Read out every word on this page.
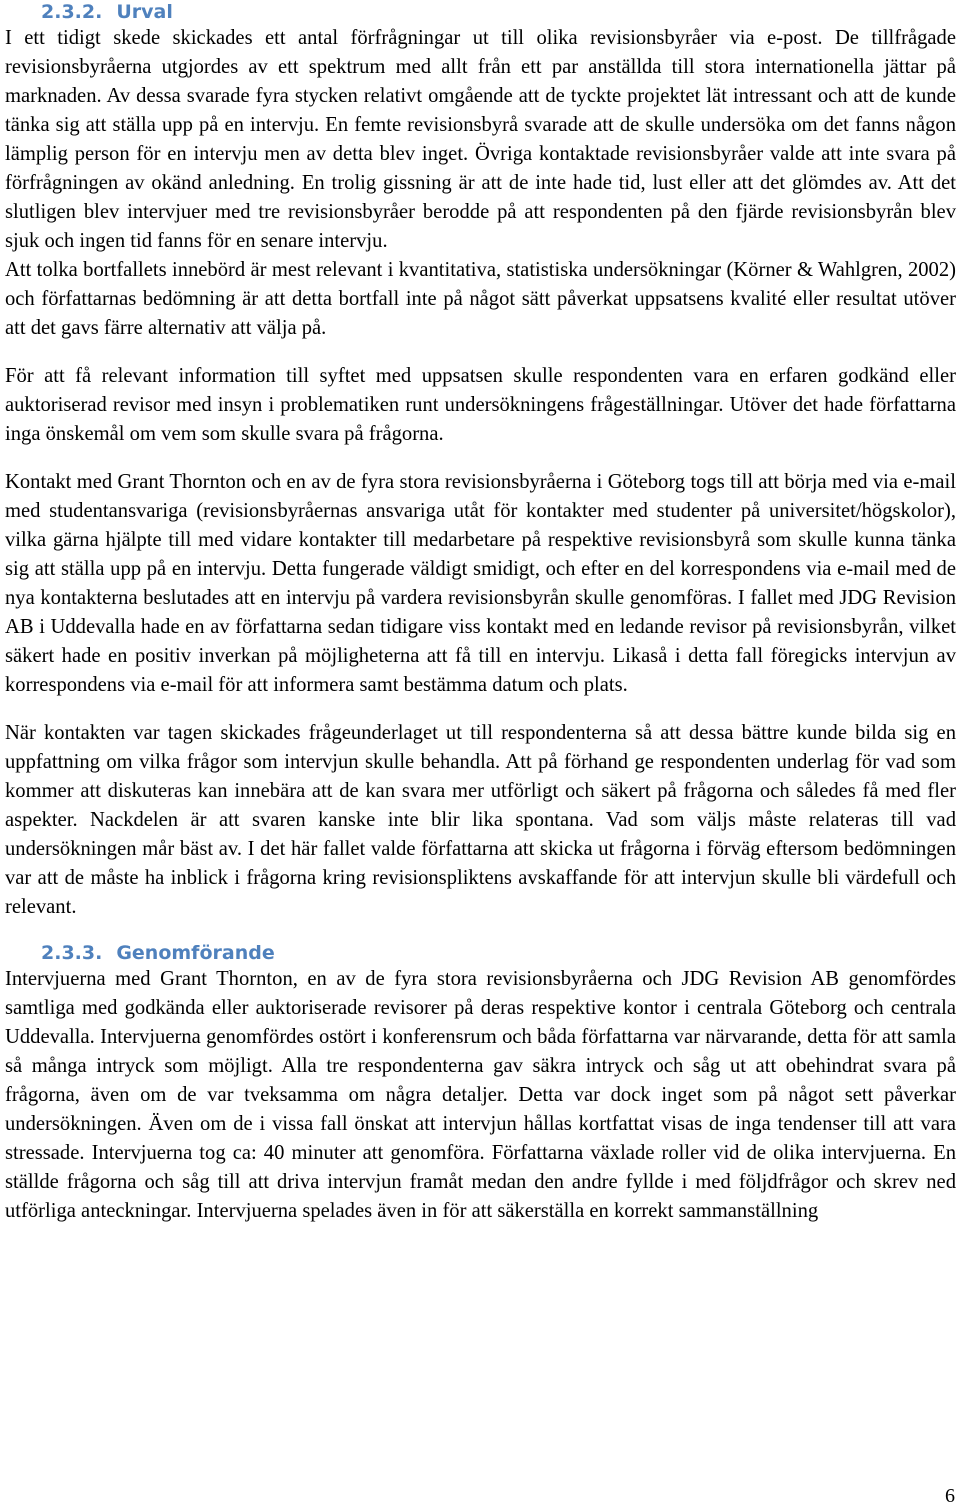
2.3.2. Urval

I ett tidigt skede skickades ett antal förfrågningar ut till olika revisionsbyråer via e-post. De tillfrågade revisionsbyråerna utgjordes av ett spektrum med allt från ett par anställda till stora internationella jättar på marknaden. Av dessa svarade fyra stycken relativt omgående att de tyckte projektet lät intressant och att de kunde tänka sig att ställa upp på en intervju. En femte revisionsbyrå svarade att de skulle undersöka om det fanns någon lämplig person för en intervju men av detta blev inget. Övriga kontaktade revisionsbyråer valde att inte svara på förfrågningen av okänd anledning. En trolig gissning är att de inte hade tid, lust eller att det glömdes av. Att det slutligen blev intervjuer med tre revisionsbyråer berodde på att respondenten på den fjärde revisionsbyrån blev sjuk och ingen tid fanns för en senare intervju.

Att tolka bortfallets innebörd är mest relevant i kvantitativa, statistiska undersökningar (Körner & Wahlgren, 2002) och författarnas bedömning är att detta bortfall inte på något sätt påverkat uppsatsens kvalité eller resultat utöver att det gavs färre alternativ att välja på.

För att få relevant information till syftet med uppsatsen skulle respondenten vara en erfaren godkänd eller auktoriserad revisor med insyn i problematiken runt undersökningens frågeställningar. Utöver det hade författarna inga önskemål om vem som skulle svara på frågorna.

Kontakt med Grant Thornton och en av de fyra stora revisionsbyråerna i Göteborg togs till att börja med via e-mail med studentansvariga (revisionsbyråernas ansvariga utåt för kontakter med studenter på universitet/högskolor), vilka gärna hjälpte till med vidare kontakter till medarbetare på respektive revisionsbyrå som skulle kunna tänka sig att ställa upp på en intervju. Detta fungerade väldigt smidigt, och efter en del korrespondens via e-mail med de nya kontakterna beslutades att en intervju på vardera revisionsbyrån skulle genomföras. I fallet med JDG Revision AB i Uddevalla hade en av författarna sedan tidigare viss kontakt med en ledande revisor på revisionsbyrån, vilket säkert hade en positiv inverkan på möjligheterna att få till en intervju. Likaså i detta fall föregicks intervjun av korrespondens via e-mail för att informera samt bestämma datum och plats.

När kontakten var tagen skickades frågeunderlaget ut till respondenterna så att dessa bättre kunde bilda sig en uppfattning om vilka frågor som intervjun skulle behandla. Att på förhand ge respondenten underlag för vad som kommer att diskuteras kan innebära att de kan svara mer utförligt och säkert på frågorna och således få med fler aspekter. Nackdelen är att svaren kanske inte blir lika spontana. Vad som väljs måste relateras till vad undersökningen mår bäst av. I det här fallet valde författarna att skicka ut frågorna i förväg eftersom bedömningen var att de måste ha inblick i frågorna kring revisionspliktens avskaffande för att intervjun skulle bli värdefull och relevant.

2.3.3. Genomförande

Intervjuerna med Grant Thornton, en av de fyra stora revisionsbyråerna och JDG Revision AB genomfördes samtliga med godkända eller auktoriserade revisorer på deras respektive kontor i centrala Göteborg och centrala Uddevalla. Intervjuerna genomfördes ostört i konferensrum och båda författarna var närvarande, detta för att samla så många intryck som möjligt. Alla tre respondenterna gav säkra intryck och såg ut att obehindrat svara på frågorna, även om de var tveksamma om några detaljer. Detta var dock inget som på något sett påverkar undersökningen. Även om de i vissa fall önskat att intervjun hållas kortfattat visas de inga tendenser till att vara stressade. Intervjuerna tog ca: 40 minuter att genomföra. Författarna växlade roller vid de olika intervjuerna. En ställde frågorna och såg till att driva intervjun framåt medan den andre fyllde i med följdfrågor och skrev ned utförliga anteckningar. Intervjuerna spelades även in för att säkerställa en korrekt sammanställning

6
